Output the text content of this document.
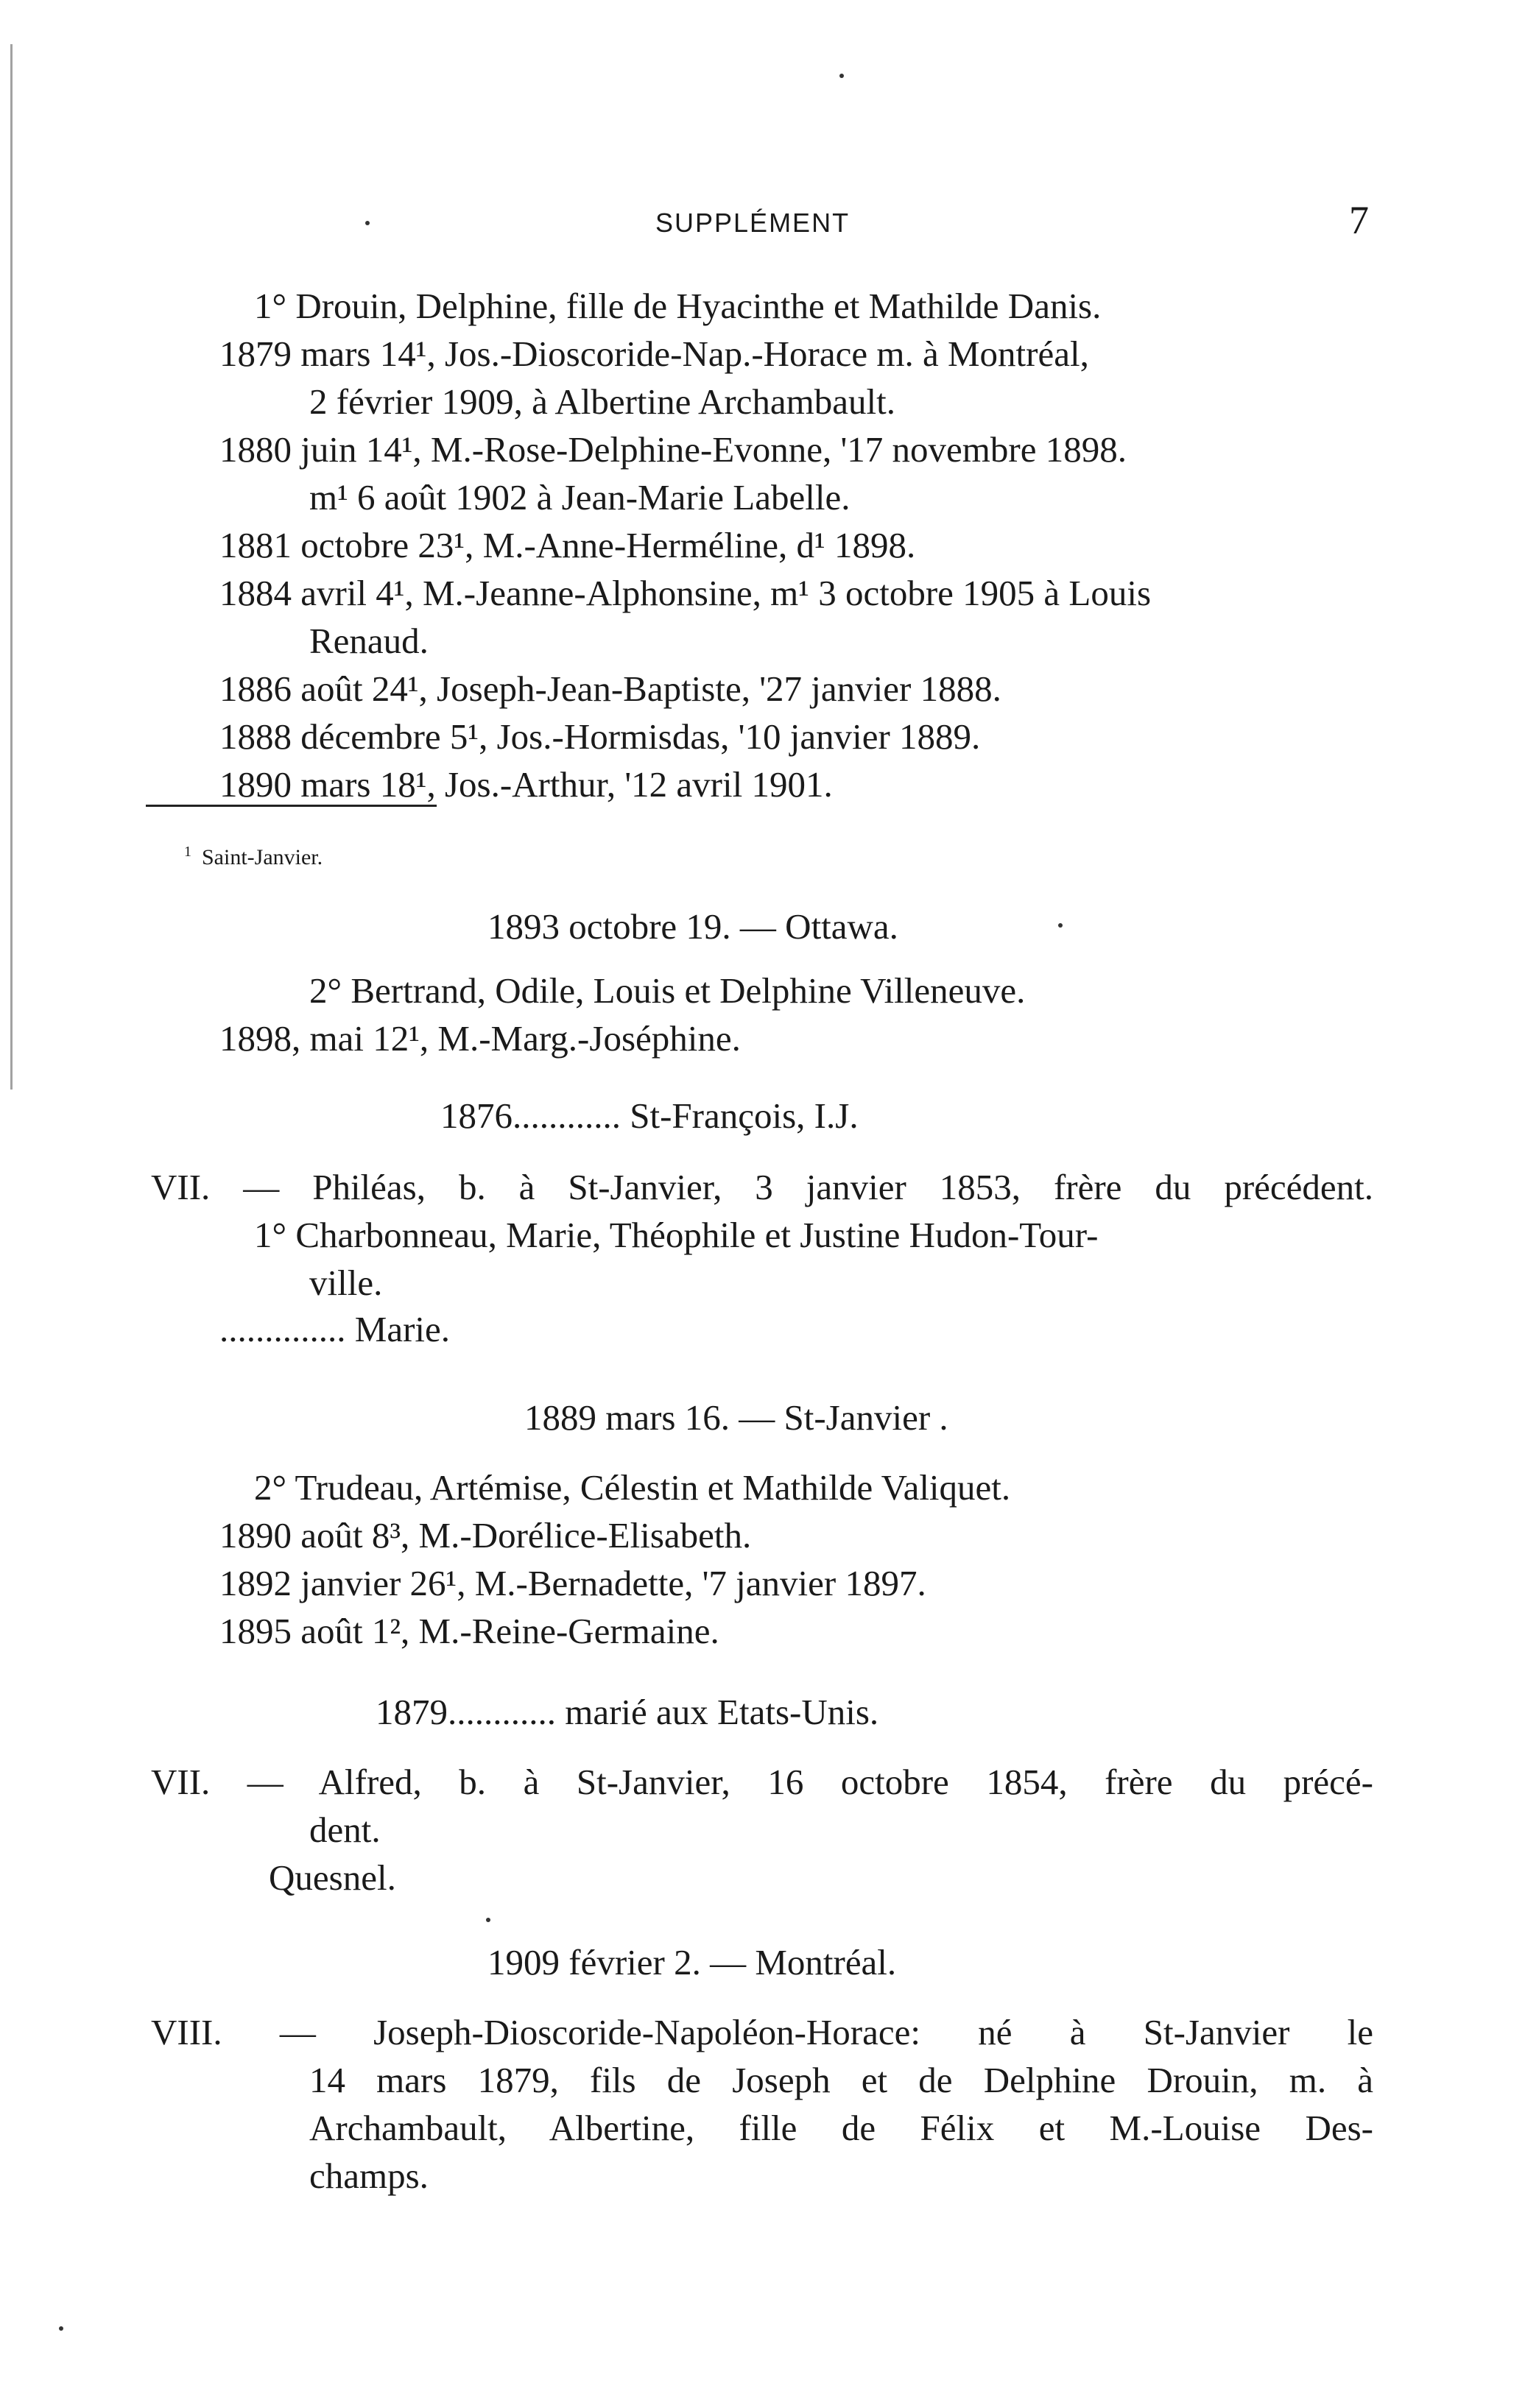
SUPPLÉMENT	7
1° Drouin, Delphine, fille de Hyacinthe et Mathilde Danis.
1879 mars 14¹, Jos.-Dioscoride-Nap.-Horace m. à Montréal,
2 février 1909, à Albertine Archambault.
1880 juin 14¹, M.-Rose-Delphine-Evonne, '17 novembre 1898.
m¹ 6 août 1902 à Jean-Marie Labelle.
1881 octobre 23¹, M.-Anne-Herméline, d¹ 1898.
1884 avril 4¹, M.-Jeanne-Alphonsine, m¹ 3 octobre 1905 à Louis
Renaud.
1886 août 24¹, Joseph-Jean-Baptiste, '27 janvier 1888.
1888 décembre 5¹, Jos.-Hormisdas, '10 janvier 1889.
1890 mars 18¹, Jos.-Arthur, '12 avril 1901.
$^1$ Saint-Janvier.
1893 octobre 19. — Ottawa.
2° Bertrand, Odile, Louis et Delphine Villeneuve.
1898, mai 12¹, M.-Marg.-Joséphine.
1876............ St-François, I.J.
VII. — Philéas, b. à St-Janvier, 3 janvier 1853, frère du précédent.
1° Charbonneau, Marie, Théophile et Justine Hudon-Tour-
ville.
.............. Marie.
1889 mars 16. — St-Janvier .
2° Trudeau, Artémise, Célestin et Mathilde Valiquet.
1890 août 8³, M.-Dorélice-Elisabeth.
1892 janvier 26¹, M.-Bernadette, '7 janvier 1897.
1895 août 1², M.-Reine-Germaine.
1879............ marié aux Etats-Unis.
VII. — Alfred, b. à St-Janvier, 16 octobre 1854, frère du précé-
dent.
Quesnel.
1909 février 2. — Montréal.
VIII. — Joseph-Dioscoride-Napoléon-Horace: né à St-Janvier le
14 mars 1879, fils de Joseph et de Delphine Drouin, m. à
Archambault, Albertine, fille de Félix et M.-Louise Des-
champs.
